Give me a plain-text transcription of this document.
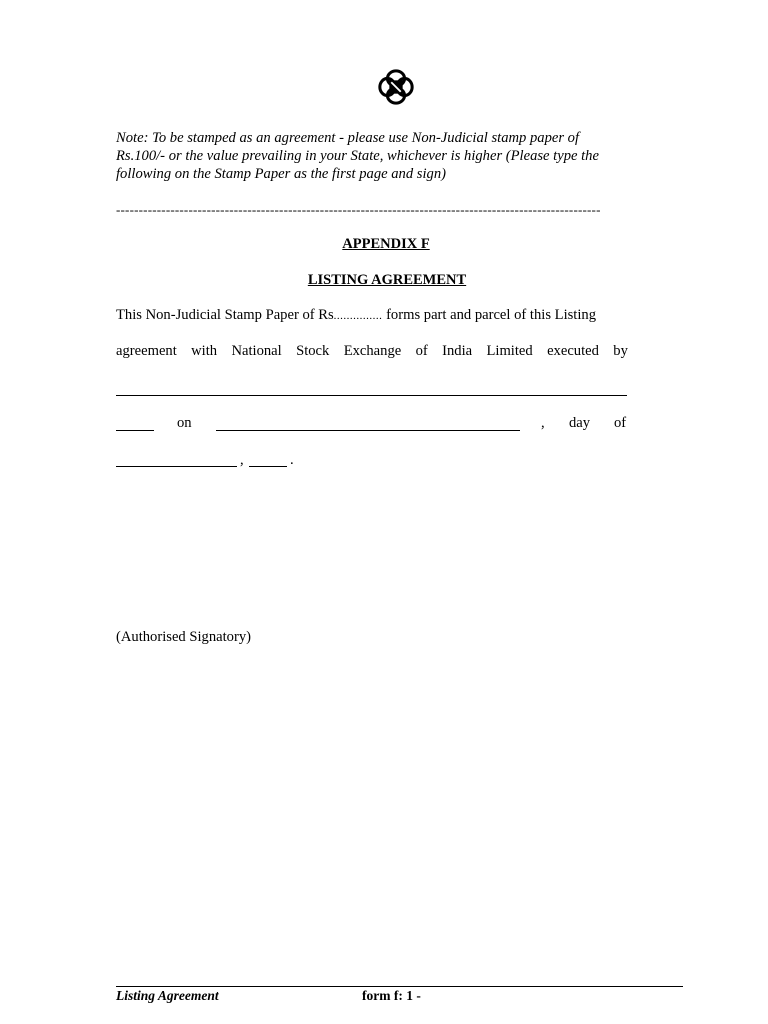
Note: To be stamped as an agreement - please use Non-Judicial stamp paper of Rs.100/- or the value prevailing in your State, whichever is higher (Please type the following on the Stamp Paper as the first page and sign)
-----------------------------------------------------------------------------------------------------------
APPENDIX F
LISTING AGREEMENT
This Non-Judicial Stamp Paper of Rs............... forms part and parcel of this Listing
agreement with National Stock Exchange of India Limited executed by
on	, day of
,	.
(Authorised Signatory)
Listing Agreement	form f: 1 -
